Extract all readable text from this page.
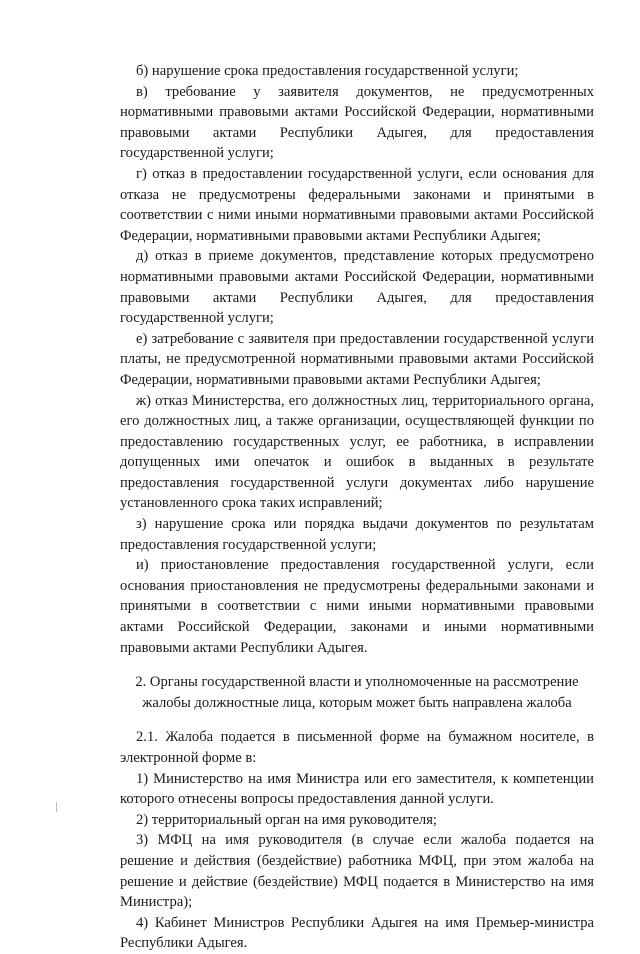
б) нарушение срока предоставления государственной услуги;

в) требование у заявителя документов, не предусмотренных нормативными правовыми актами Российской Федерации, нормативными правовыми актами Республики Адыгея, для предоставления государственной услуги;

г) отказ в предоставлении государственной услуги, если основания для отказа не предусмотрены федеральными законами и принятыми в соответствии с ними иными нормативными правовыми актами Российской Федерации, нормативными правовыми актами Республики Адыгея;

д) отказ в приеме документов, представление которых предусмотрено нормативными правовыми актами Российской Федерации, нормативными правовыми актами Республики Адыгея, для предоставления государственной услуги;

е) затребование с заявителя при предоставлении государственной услуги платы, не предусмотренной нормативными правовыми актами Российской Федерации, нормативными правовыми актами Республики Адыгея;

ж) отказ Министерства, его должностных лиц, территориального органа, его должностных лиц, а также организации, осуществляющей функции по предоставлению государственных услуг, ее работника, в исправлении допущенных ими опечаток и ошибок в выданных в результате предоставления государственной услуги документах либо нарушение установленного срока таких исправлений;

з) нарушение срока или порядка выдачи документов по результатам предоставления государственной услуги;

и) приостановление предоставления государственной услуги, если основания приостановления не предусмотрены федеральными законами и принятыми в соответствии с ними иными нормативными правовыми актами Российской Федерации, законами и иными нормативными правовыми актами Республики Адыгея.

2. Органы государственной власти и уполномоченные на рассмотрение жалобы должностные лица, которым может быть направлена жалоба

2.1. Жалоба подается в письменной форме на бумажном носителе, в электронной форме в:

1) Министерство на имя Министра или его заместителя, к компетенции которого отнесены вопросы предоставления данной услуги.

2) территориальный орган на имя руководителя;

3) МФЦ на имя руководителя (в случае если жалоба подается на решение и действия (бездействие) работника МФЦ, при этом жалоба на решение и действие (бездействие) МФЦ подается в Министерство на имя Министра);

4) Кабинет Министров Республики Адыгея на имя Премьер-министра Республики Адыгея.
